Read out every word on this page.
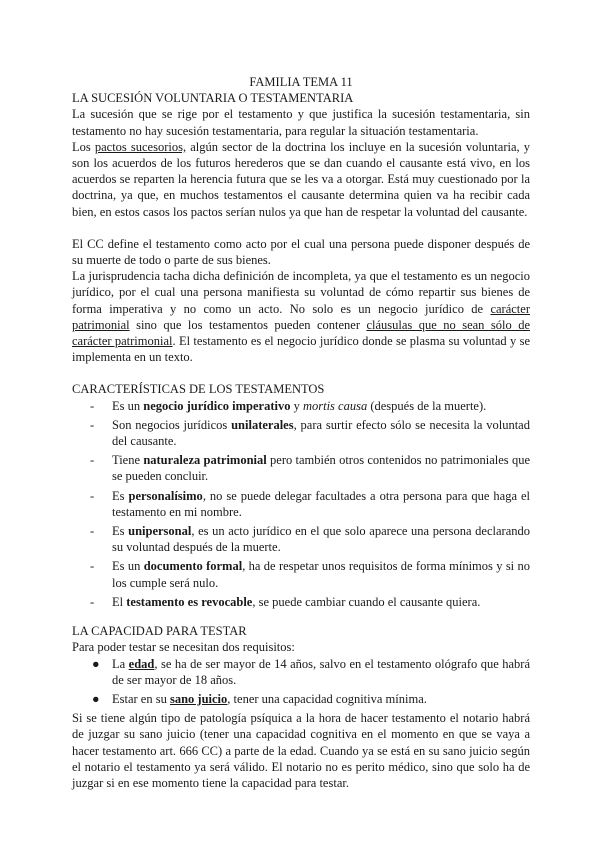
FAMILIA TEMA 11

LA SUCESIÓN VOLUNTARIA O TESTAMENTARIA

La sucesión que se rige por el testamento y que justifica la sucesión testamentaria, sin testamento no hay sucesión testamentaria, para regular la situación testamentaria.

Los pactos sucesorios, algún sector de la doctrina los incluye en la sucesión voluntaria, y son los acuerdos de los futuros herederos que se dan cuando el causante está vivo, en los acuerdos se reparten la herencia futura que se les va a otorgar. Está muy cuestionado por la doctrina, ya que, en muchos testamentos el causante determina quien va ha recibir cada bien, en estos casos los pactos serían nulos ya que han de respetar la voluntad del causante.

El CC define el testamento como acto por el cual una persona puede disponer después de su muerte de todo o parte de sus bienes.

La jurisprudencia tacha dicha definición de incompleta, ya que el testamento es un negocio jurídico, por el cual una persona manifiesta su voluntad de cómo repartir sus bienes de forma imperativa y no como un acto. No solo es un negocio jurídico de carácter patrimonial sino que los testamentos pueden contener cláusulas que no sean sólo de carácter patrimonial. El testamento es el negocio jurídico donde se plasma su voluntad y se implementa en un texto.

CARACTERÍSTICAS DE LOS TESTAMENTOS

-	Es un negocio jurídico imperativo y mortis causa (después de la muerte).
-	Son negocios jurídicos unilaterales, para surtir efecto sólo se necesita la voluntad del causante.
-	Tiene naturaleza patrimonial pero también otros contenidos no patrimoniales que se pueden concluir.
-	Es personalísimo, no se puede delegar facultades a otra persona para que haga el testamento en mi nombre.
-	Es unipersonal, es un acto jurídico en el que solo aparece una persona declarando su voluntad después de la muerte.
-	Es un documento formal, ha de respetar unos requisitos de forma mínimos y si no los cumple será nulo.
-	El testamento es revocable, se puede cambiar cuando el causante quiera.

LA CAPACIDAD PARA TESTAR

Para poder testar se necesitan dos requisitos:

● La edad, se ha de ser mayor de 14 años, salvo en el testamento ológrafo que habrá de ser mayor de 18 años.
● Estar en su sano juicio, tener una capacidad cognitiva mínima.

Si se tiene algún tipo de patología psíquica a la hora de hacer testamento el notario habrá de juzgar su sano juicio (tener una capacidad cognitiva en el momento en que se vaya a hacer testamento art. 666 CC) a parte de la edad. Cuando ya se está en su sano juicio según el notario el testamento ya será válido. El notario no es perito médico, sino que solo ha de juzgar si en ese momento tiene la capacidad para testar.
